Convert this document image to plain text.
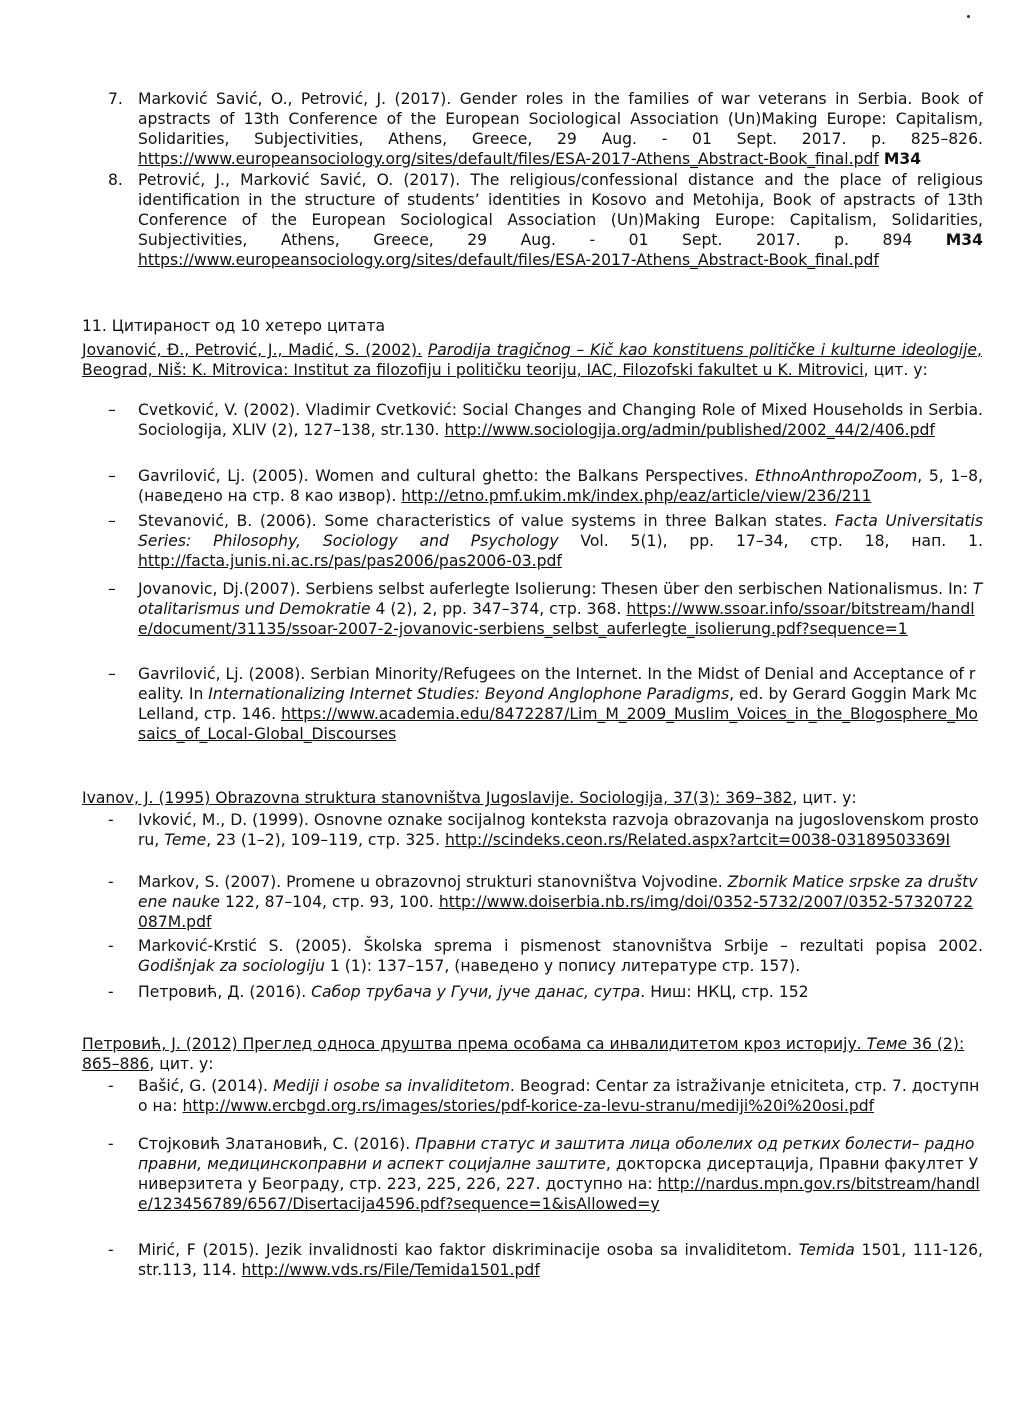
7. Marković Savić, O., Petrović, J. (2017). Gender roles in the families of war veterans in Serbia. Book of apstracts of 13th Conference of the European Sociological Association (Un)Making Europe: Capitalism, Solidarities, Subjectivities, Athens, Greece, 29 Aug. - 01 Sept. 2017. p. 825–826. https://www.europeansociology.org/sites/default/files/ESA-2017-Athens_Abstract-Book_final.pdf M34
8. Petrović, J., Marković Savić, O. (2017). The religious/confessional distance and the place of religious identification in the structure of students’ identities in Kosovo and Metohija, Book of apstracts of 13th Conference of the European Sociological Association (Un)Making Europe: Capitalism, Solidarities, Subjectivities, Athens, Greece, 29 Aug. - 01 Sept. 2017. p. 894 M34 https://www.europeansociology.org/sites/default/files/ESA-2017-Athens_Abstract-Book_final.pdf
11. Цитираност од 10 хетеро цитата
Jovanović, Đ., Petrović, J., Madić, S. (2002). Parodija tragičnog – Kič kao konstituens političke i kulturne ideologije, Beograd, Niš: K. Mitrovica: Institut za filozofiju i političku teoriju, IAC, Filozofski fakultet u K. Mitrovici, цит. у:
–	Cvetković, V. (2002). Vladimir Cvetković: Social Changes and Changing Role of Mixed Households in Serbia. Sociologija, XLIV (2), 127–138, str.130. http://www.sociologija.org/admin/published/2002_44/2/406.pdf
–	Gavrilović, Lj. (2005). Women and cultural ghetto: the Balkans Perspectives. EthnoAnthropoZoom, 5, 1–8, (наведено на стр. 8 као извор). http://etno.pmf.ukim.mk/index.php/eaz/article/view/236/211
–	Stevanović, B. (2006). Some characteristics of value systems in three Balkan states. Facta Universitatis Series: Philosophy, Sociology and Psychology Vol. 5(1), pp. 17–34, стр. 18, нап. 1. http://facta.junis.ni.ac.rs/pas/pas2006/pas2006-03.pdf
–	Jovanovic, Dj.(2007). Serbiens selbst auferlegte Isolierung: Thesen über den serbischen Nationalismus. In: Totalitarismus und Demokratie 4 (2), 2, pp. 347–374, стр. 368. https://www.ssoar.info/ssoar/bitstream/handle/document/31135/ssoar-2007-2-jovanovic-serbiens_selbst_auferlegte_isolierung.pdf?sequence=1
–	Gavrilović, Lj. (2008). Serbian Minority/Refugees on the Internet. In the Midst of Denial and Acceptance of reality. In Internationalizing Internet Studies: Beyond Anglophone Paradigms, ed. by Gerard Goggin Mark McLelland, стр. 146. https://www.academia.edu/8472287/Lim_M_2009_Muslim_Voices_in_the_Blogosphere_Mosaics_of_Local-Global_Discourses
Ivanov, J. (1995) Obrazovna struktura stanovništva Jugoslavije. Sociologija, 37(3): 369–382, цит. у:
-	Ivković, M., D. (1999). Osnovne oznake socijalnog konteksta razvoja obrazovanja na jugoslovenskom prostoru, Teme, 23 (1–2), 109–119, стр. 325. http://scindeks.ceon.rs/Related.aspx?artcit=0038-03189503369I
-	Markov, S. (2007). Promene u obrazovnoj strukturi stanovništva Vojvodine. Zbornik Matice srpske za društvene nauke 122, 87–104, стр. 93, 100. http://www.doiserbia.nb.rs/img/doi/0352-5732/2007/0352-57320722087M.pdf
-	Marković-Krstić S. (2005). Školska sprema i pismenost stanovništva Srbije – rezultati popisa 2002. Godišnjak za sociologiju 1 (1): 137–157, (наведено у попису литературе стр. 157).
-	Петровић, Д. (2016). Сабор трубача у Гучи, јуче данас, сутра. Ниш: НКЦ, стр. 152
Петровић, J. (2012) Преглед односа друштва према особама са инвалидитетом кроз историју. Теме 36 (2): 865–886, цит. у:
-	Bašić, G. (2014). Mediji i osobe sa invaliditetom. Beograd: Centar za istraživanje etniciteta, стр. 7. доступно на: http://www.ercbgd.org.rs/images/stories/pdf-korice-za-levu-stranu/mediji%20i%20osi.pdf
-	Стојковић Златановић, С. (2016). Правни статус и заштита лица оболелих од ретких болести– раднoправни, медицинскоправни и аспект социјалне заштите, докторска дисертација, Правни факултет Универзитета у Београду, стр. 223, 225, 226, 227. доступно на: http://nardus.mpn.gov.rs/bitstream/handle/123456789/6567/Disertacija4596.pdf?sequence=1&isAllowed=y
-	Mirić, F (2015). Jezik invalidnosti kao faktor diskriminacije osoba sa invaliditetom. Temida 1501, 111-126, str.113, 114. http://www.vds.rs/File/Temida1501.pdf
